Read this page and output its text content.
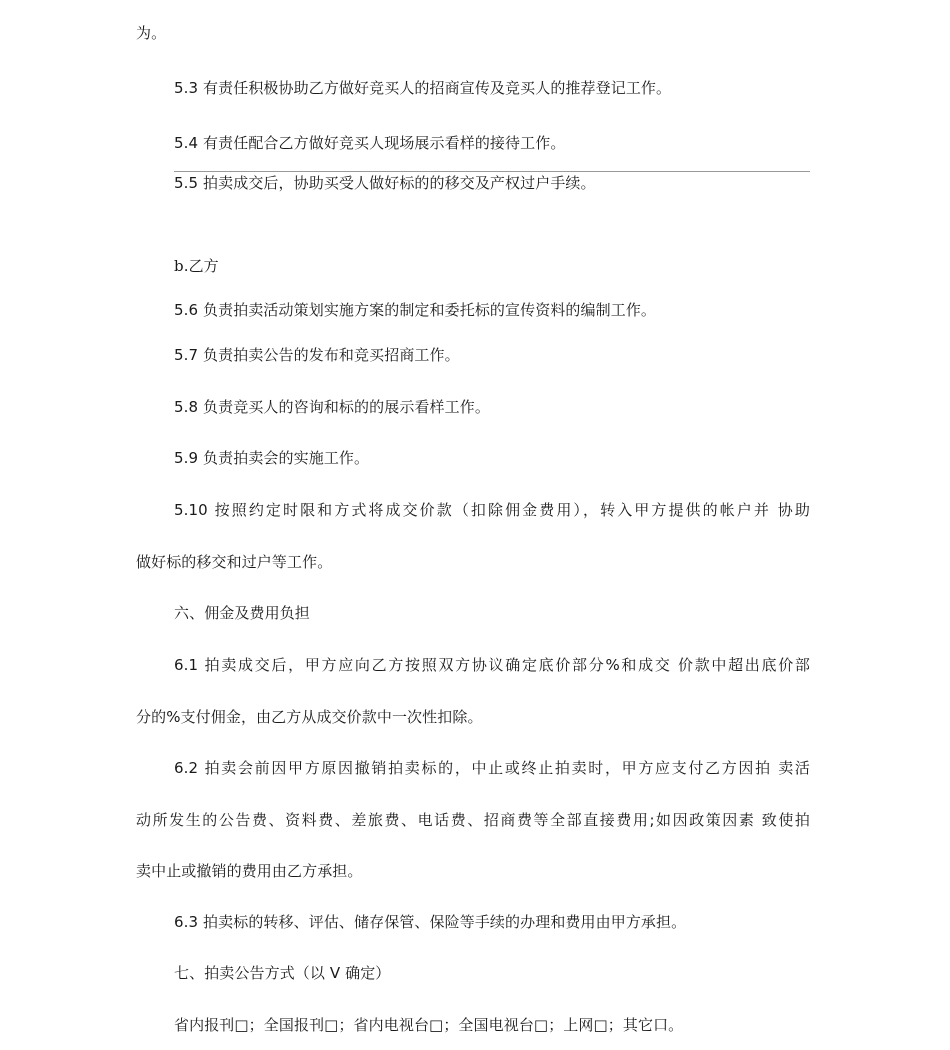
为。
5.3 有责任积极协助乙方做好竞买人的招商宣传及竞买人的推荐登记工作。
5.4 有责任配合乙方做好竞买人现场展示看样的接待工作。
5.5 拍卖成交后，协助买受人做好标的的移交及产权过户手续。
b.乙方
5.6 负责拍卖活动策划实施方案的制定和委托标的宣传资料的编制工作。
5.7 负责拍卖公告的发布和竞买招商工作。
5.8 负责竞买人的咨询和标的的展示看样工作。
5.9 负责拍卖会的实施工作。
5.10 按照约定时限和方式将成交价款（扣除佣金费用），转入甲方提供的帐户并 协助
做好标的移交和过户等工作。
六、佣金及费用负担
6.1 拍卖成交后，甲方应向乙方按照双方协议确定底价部分%和成交 价款中超出底价部
分的%支付佣金，由乙方从成交价款中一次性扣除。
6.2 拍卖会前因甲方原因撤销拍卖标的，中止或终止拍卖时，甲方应支付乙方因拍 卖活
动所发生的公告费、资料费、差旅费、电话费、招商费等全部直接费用;如因政策因素 致使拍
卖中止或撤销的费用由乙方承担。
6.3 拍卖标的转移、评估、储存保管、保险等手续的办理和费用由甲方承担。
七、拍卖公告方式（以 V 确定）
省内报刊□；全国报刊□；省内电视台□；全国电视台□；上网□；其它口。
